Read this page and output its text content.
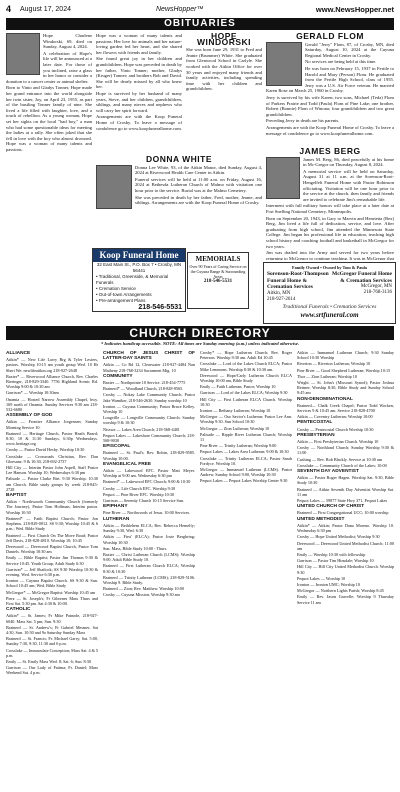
4 August 17, 2024	NewsHopper™	www.NewsHopper.net
OBITUARIES

Hope Charlene Windorski, 69, died on Sunday, August 4, 2024.

A celebration of Hope's life will be announced at a later date. For those of you inclined, raise a glass in her honor or consider a donation to a cancer center or animal shelter.

Born to Vinto and Gladys Tonner, Hope made her grand entrance into the world alongside her twin sister, Joy, on April 23, 1955, as part of the bustling Tonner family of nine. She lived a life filled with laughter, love, and a touch of rebellion. As a young woman, Hope set her sights on the local "bad boy," a man who had some questionable ideas for meeting the ladies at a rally. She often joked that she fell in love with the boy who almost drowned. Hope was a woman of many talents and passions.

Hope was a woman of many talents and passions. Her love for animals and her nature-loving garden fed her heart, and she shared her flowers with friends and family.

She found great joy in her children and grandchildren. Hope was preceded in death by her father, Vinto Tonner; mother, Gladys (Kruger) Tonner; and brothers Bob and David. She will be dearly missed by all who knew her.

Hope is survived by her husband of many years, Steve, and her children, grandchildren, siblings, and many nieces and nephews who will carry her spirit forward.

Arrangements are with the Koop Funeral Home of Crosby. To leave a message of condolence go to www.koopfuneralhome.com.

HOPE WINDORSKI

She was born June 29, 1931 to Fred and Jeanie (Brummer) White. She graduated from Glenwood School in Carlyle. She worked with the Aitkin Office for over 30 years and enjoyed many friends and family activities, including spending time with her children and grandchildren.

GERALD FLOM

Gerald "Jerry" Flom, 87, of Crosby, MN, died Saturday, August 10, 2024 at the Cuyuna Regional Medical Center in Crosby.

No services are being held at this time.

He was born on February 15, 1937 in Fertile to Harold and Mary (Person) Flom. He graduated from the Fertile High School, class of 1955. Jerry was a U.S. Air Force veteran. He married Karen Rose on March 25, 1960 in Crosby.

Jerry is survived by his wife Karen; two sons, Michael (Teda) Flom of Parkers Prairie and Todd (Paula) Flom of Pine Lake; one brother, Robert (Bonnie) Flom of Winona; four grandchildren and two great grandchildren.

Preceding Jerry in death are his parents.

Arrangements are with the Koop Funeral Home of Crosby. To leave a message of condolence go to www.koopfuneralhome.com.

DONNA WHITE

Donna Lee White, 93, of the Aitkin Manor, died Sunday, August 4, 2024 at Riverwood Health Care Center in Aitkin.

Funeral services will be held at 11:00 a.m. on Friday, August 16, 2024 at Bethesda Lutheran Church of Malmo with visitation one hour prior to the service. Burial was at the Malmo Cemetery.

She was preceded in death by her father, Fred, mother, Jeanie, and siblings. Arrangements are with the Koop Funeral Home of Crosby.

JAMES BERG

James M. Berg, 86, died peacefully at his home in Mc-Gregor on Thursday, August 8, 2024.

A memorial service will be held on Saturday, August 31 at 11 a.m. at the Sorenson-Root-Hengelfelt Funeral Home with Pastor Robinson officiating. Visitation will be one hour prior to the service at the church, then family and friends are invited to celebrate Jim's remarkable life.

Interment with full military honors will take place at a later date at Fort Snelling National Cemetery, Minneapolis.

Born on September 20, 1943, in Gary to Marvin and Henrietta (Rex) Berg, Jim lived a life full of dedication, service, and love. After graduating from high school, Jim attended the Minnesota State College. Jim began his professional life in education, teaching high school history and coaching football and basketball in McGregor for two years.

Jim was drafted into the Army and served for two years before returning to McGregor to continue teaching. It was in McGregor that

Koop Funeral Home
32 East Main St., P.O. Box 7 • Crosby, MN 56441
• Traditional, Greenside, & Memorial Funerals
• Cremation Service
• Out-of-town Arrangements
• Pre-arrangement Plans
218-546-5531
MEMORIALS
Over 90 Years of Caring Service on the Cuyuna Range & Surrounding Areas
218-546-5531
Family Owned • Owned by Tom & Paula
Sorenson-Root-Thompson Funeral Home & Cremation Services
Aitkin, MN
218-927-2614
McGregor Funeral Home & Cremation Services
McGregor, MN
218-768-3136
Traditional Funerals • Cremation Services
www.srtfuneral.com
CHURCH DIRECTORY
* Indicates handicap accessible. NOTE: All times are Sunday morning (a.m.) unless indicated otherwise.
ALLIANCE

Aitkin* — New Life Lorry Brg & Tyler Lesters, pastors. Worship 10:15 am youth group Wed. 10 Hr Sheri We: newlifeaitkin.org 218-927-2648

Baxter* — Riverwood Alliance Church, Rev. Charles Bieringer, 218-829-3340. 7756 Highland Scenic Rd. Worship 9:00 & 10:30 am

Garrison* — Worship 10:30am

Onamia — Hosted Narrow Assembly Chapel, hwy. 169 north of Onamia. Sunday Services 9:30 am 218-532-6680

ASSEMBLY OF GOD

Aitkin — Frontier Alliance Jorgensen; Sunday Morning Service 10.

Brainerd — Heritage Church, Pastor Heath Beard; 8:30, 10 & 11:30 Sundays, 6:30p Wednesdays. www.heritage.org

Crosby — Pastor David Hesby. Worship 10:30

Crosslake — Crossroads Christian, Rev. Dan Gloesanz. 9 & 10:30, 218-692-2737

Hill City — Interim Pastor John Aspell, Staff Pastor Lee Hanson. Worship 10; Wednesdays 6:30 pm

Palisade — Pastor Clarke Birt. 9:30 Worship. 10:30 am Church. Bible study groups by week 218-845-2728

BAPTIST

Aitkin - Northwoods Community Church (formerly The Journey), Pastor Tom Hoffman, Interim pastor. Worship 10:30

Brainerd* — Faith Baptist Church; Pastor Jon Stephens. 218-829-0012. SS 9:30; Worship 10:45 & 6 p.m.; Wed. Bible Study

Brainerd — First Church On The Move Road; Pastor Jeff Davis, 218-828-4810. Worship 10; 10:45

Deerwood — Deerwood Baptist Church, Pastor Tom Daniels. Worship 10:30 am

Emily — Bible Baptist; Pastor Jim Thomas 9:30 & Service 10:45. Youth Group, Adult Study 6:30

Garrison* — Jeff Shatlock; SS 9:30 Worship 10:30 & evening. Wed. Service 6:30 p.m.

Ironton — Cuyuna Baptist Church. SS 9:30 & Sun. School 10:45 am; Wed. Bible Study

McGregor* — McGregor Baptist: Worship 10:45 am

Pierz — St. Joseph's; Fr Gibrenes Mass Thurs and First Sat. 5:30 pm. Sat 4:30 & 10:00.

CATHOLIC

Aitkin* — St. James; Fr Mike Patnode, 218-927-6040. Mass Sat. 5 pm; Sun. 9:30

Brainerd — St. Andrew's; Fr Gabriel Mesmer, Sat 4:30, Sun. 10:30 and 9a Saturday Sunday Mass

Brainerd — St. Francis; Fr. Michael Garry; Sat. 5:00, Sunday 7:30, 9:30, 11:30 and 6 p.m.

Crosslake — Immaculate Conception; Mass Sat. 4 & 5 p.m.

Emily — St. Emily Mass Wed. 8; Sat. 6; Sun. 8:30

Garrison — Our Lady of Fatima; Fr. Daniel; Mass Weekend Sat. 4 p.m.

CHURCH OF JESUS CHRIST OF LATTER-DAY SAINTS

Aitkin — Co Rd 12, Clearwater 218-927-4484 Nan Matheny 218-768-3234 Sacrament Mtg. 10

COMMUNITY

Baxter — Northpointe 10 Service. 218-454-7775

Brainerd* — Woodland Church, 218-828-9565.

Crosby — Nokay Lake Community Church; Pastor Jake Wamiker, 218-546-2630. Sunday worship 10

Ironton — Cuyuna Community; Pastor Bruce Kelley. Worship 10

Longville — Longville Community Church; Sunday worship 9 & 10:30

Nisswa — Lakes Area Church; 218-568-4481

Pequot Lakes — Lakeshore Community Church; 218-568-9030

EPISCOPAL

Brainerd — St. Paul's; Rev. Robin, 218-829-9585. Worship 10:00.

EVANGELICAL FREE

Aitkin — Lakewood EFC. Pastor Matt Meyer. Worship at 9:00 am. Wednesday 6:30 pm

Brainerd* — Lakewood EFC Church; 9:00 & 10:30

Crosby — Life Church EFC. Worship 9:30

Pequot — Pine River EFC. Worship 10:30

Garrison — Serenity Church 10:15 Service Sun.

EPIPHANY

Pine River — Northwoods of Jesus. 10:00 Services.

LUTHERAN

Aitkin — Bethlehem ELCA; Rev. Rebecca Hemelfy; Sunday 9:30, Wed. 6:30

Aitkin — First' (ELCA); Pastor Josie Bergbring; Worship 10:30

Sun. Mass, Bible Study 10:00 - Thurs.

Baxter — Christ Lutheran Church (LCMS); Worship 9:00. Adult Bible Study 10.

Brainerd — First Lutheran Church ELCA; Worship 8:30 & 10:30

Brainerd — Trinity Lutheran (LCMS); 218-829-5106. Worship 9. Bible Study.

Brainerd — Zion; Rev. Matthew. Worship 10:00

Crosby — Cuyuna Mission, Worship 9:30 am

Crosby* — Hope Lutheran Church; Rev. Roger Peterson. Worship 9:30 am. Adult Ed 10:45

Crosslake — Lord of the Lakes Church ELCA; Pastor Mike Lemmons. Worship 8:30 & 10:30 am.

Deerwood — Hope/Carly Lutheran Church ELCA Worship 10:00 am, Bible Study

Emily — Faith Lutheran; Pastor; Worship 10

Garrison — Lord of the Lakes ELCA; Worship 9:30

Hill City — First Lutheran ELCA Church. Worship 10:30

Ironton — Bethany Lutheran; Worship 10

McGregor — Our Savior's Lutheran; Pastor Lee Ann. Worship 9:30. Sun School 10:30

McGregor — Zion Lutheran; Worship 10

Palisade — Ripple River Lutheran Church; Worship 11

Pine River — Trinity Lutheran; Worship 9:00

Pequot Lakes — Lakes Area Lutheran; 9:00 & 10:30

Crosslake — Trinity Lutheran ELCA; Pastor Sarah Fordyce. Worship 10.

McGregor — Immanuel Lutheran (LCMS). Pastor Andrew. Sunday School 9:00, Worship 10:30

Pequot Lakes — Pequot Lakes Worship Center 9:30

Aitkin — Immanuel Lutheran Church; 9:30 Sunday School 10:30 Worship

Riverton — Riverton Lutheran; Worship 10

Pine River — Good Shepherd Lutheran; Worship 10:15

Thor — Zion Lutheran; Worship 10

Wright — St. John's (Missouri Synod); Pastor Joshua Reimer; Worship 8:30, Bible Study and Sunday School 9:45 am

NON-DENOMINATIONAL

Brainerd— Chalk Creek Chapel; Pastor Todd Wocken, Services 9 & 10:45 am. Service 218-828-4700

Aitkin — Coventry Lutheran; Worship 10:00

PENTECOSTAL

Crosby — Pentecostal Church Worship 10:30

PRESBYTERIAN

Aitkin — First Presbyterian Church. Worship 10

Crosby — Northland Church; Sunday Worship 9:30 & 11:00

Cushing — Rev. Bob Blackly. Service at 10:30 am

Crosslake — Community Church of the Lakes; 10:00

SEVENTH DAY ADVENTIST

Aitkin — Pastor Roger Hagen. Worship Sat. 9:30, Bible Study 10:30

Brainerd — Aitkin Seventh Day Adventist Worship Sat. 11 am

Pequot Lakes — 59877 State Hwy 371, Pequot Lakes

UNITED CHURCH OF CHRIST

Brainerd — First Congregational UCC; 10:00 worship

UNITED METHODIST

Aitkin* — Aitkin; Pastor Dana Moreno. Worship 10. Wednesday 6:30 pm

Crosby — Hope United Methodist; Worship 9:30

Deerwood — Deerwood United Methodist Church; 11:00 am

Emily — Worship 10:30 with fellowship

Garrison — Pastor Tim Hinsdale; Worship 10

Hill City — Hill City United Methodist Church. Worship 9:30

Pequot Lakes — Worship 10

Ironton — Ironton UMC; Worship 10

McGregor — Northern Lights Parish; Worship 8:45

Emily — Rev. Jason Gravelle; Worship 9 Thursday Service 11 am
